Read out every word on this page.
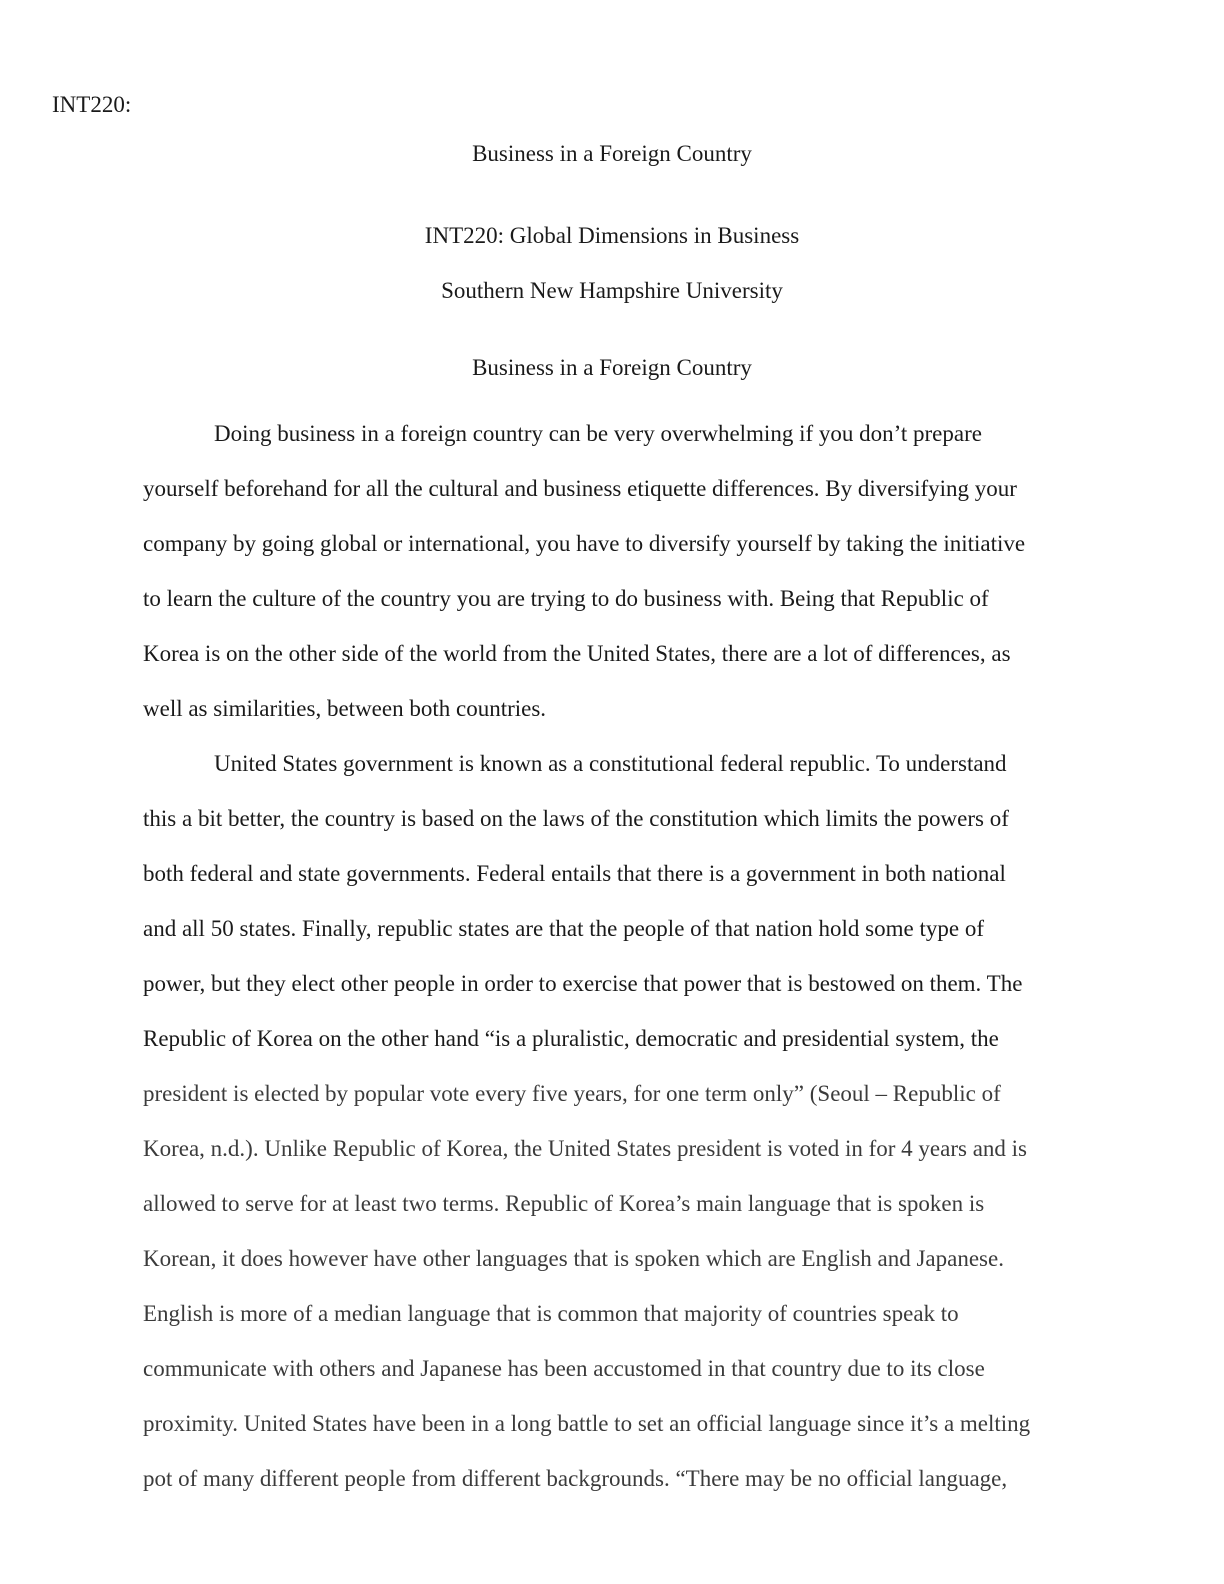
INT220:
Business in a Foreign Country
INT220: Global Dimensions in Business
Southern New Hampshire University
Business in a Foreign Country
Doing business in a foreign country can be very overwhelming if you don’t prepare
yourself beforehand for all the cultural and business etiquette differences. By diversifying your
company by going global or international, you have to diversify yourself by taking the initiative
to learn the culture of the country you are trying to do business with. Being that Republic of
Korea is on the other side of the world from the United States, there are a lot of differences, as
well as similarities, between both countries.
United States government is known as a constitutional federal republic. To understand
this a bit better, the country is based on the laws of the constitution which limits the powers of
both federal and state governments. Federal entails that there is a government in both national
and all 50 states. Finally, republic states are that the people of that nation hold some type of
power, but they elect other people in order to exercise that power that is bestowed on them. The
Republic of Korea on the other hand “is a pluralistic, democratic and presidential system, the
president is elected by popular vote every five years, for one term only” (Seoul – Republic of
Korea, n.d.). Unlike Republic of Korea, the United States president is voted in for 4 years and is
allowed to serve for at least two terms. Republic of Korea’s main language that is spoken is
Korean, it does however have other languages that is spoken which are English and Japanese.
English is more of a median language that is common that majority of countries speak to
communicate with others and Japanese has been accustomed in that country due to its close
proximity. United States have been in a long battle to set an official language since it’s a melting
pot of many different people from different backgrounds. “There may be no official language,
